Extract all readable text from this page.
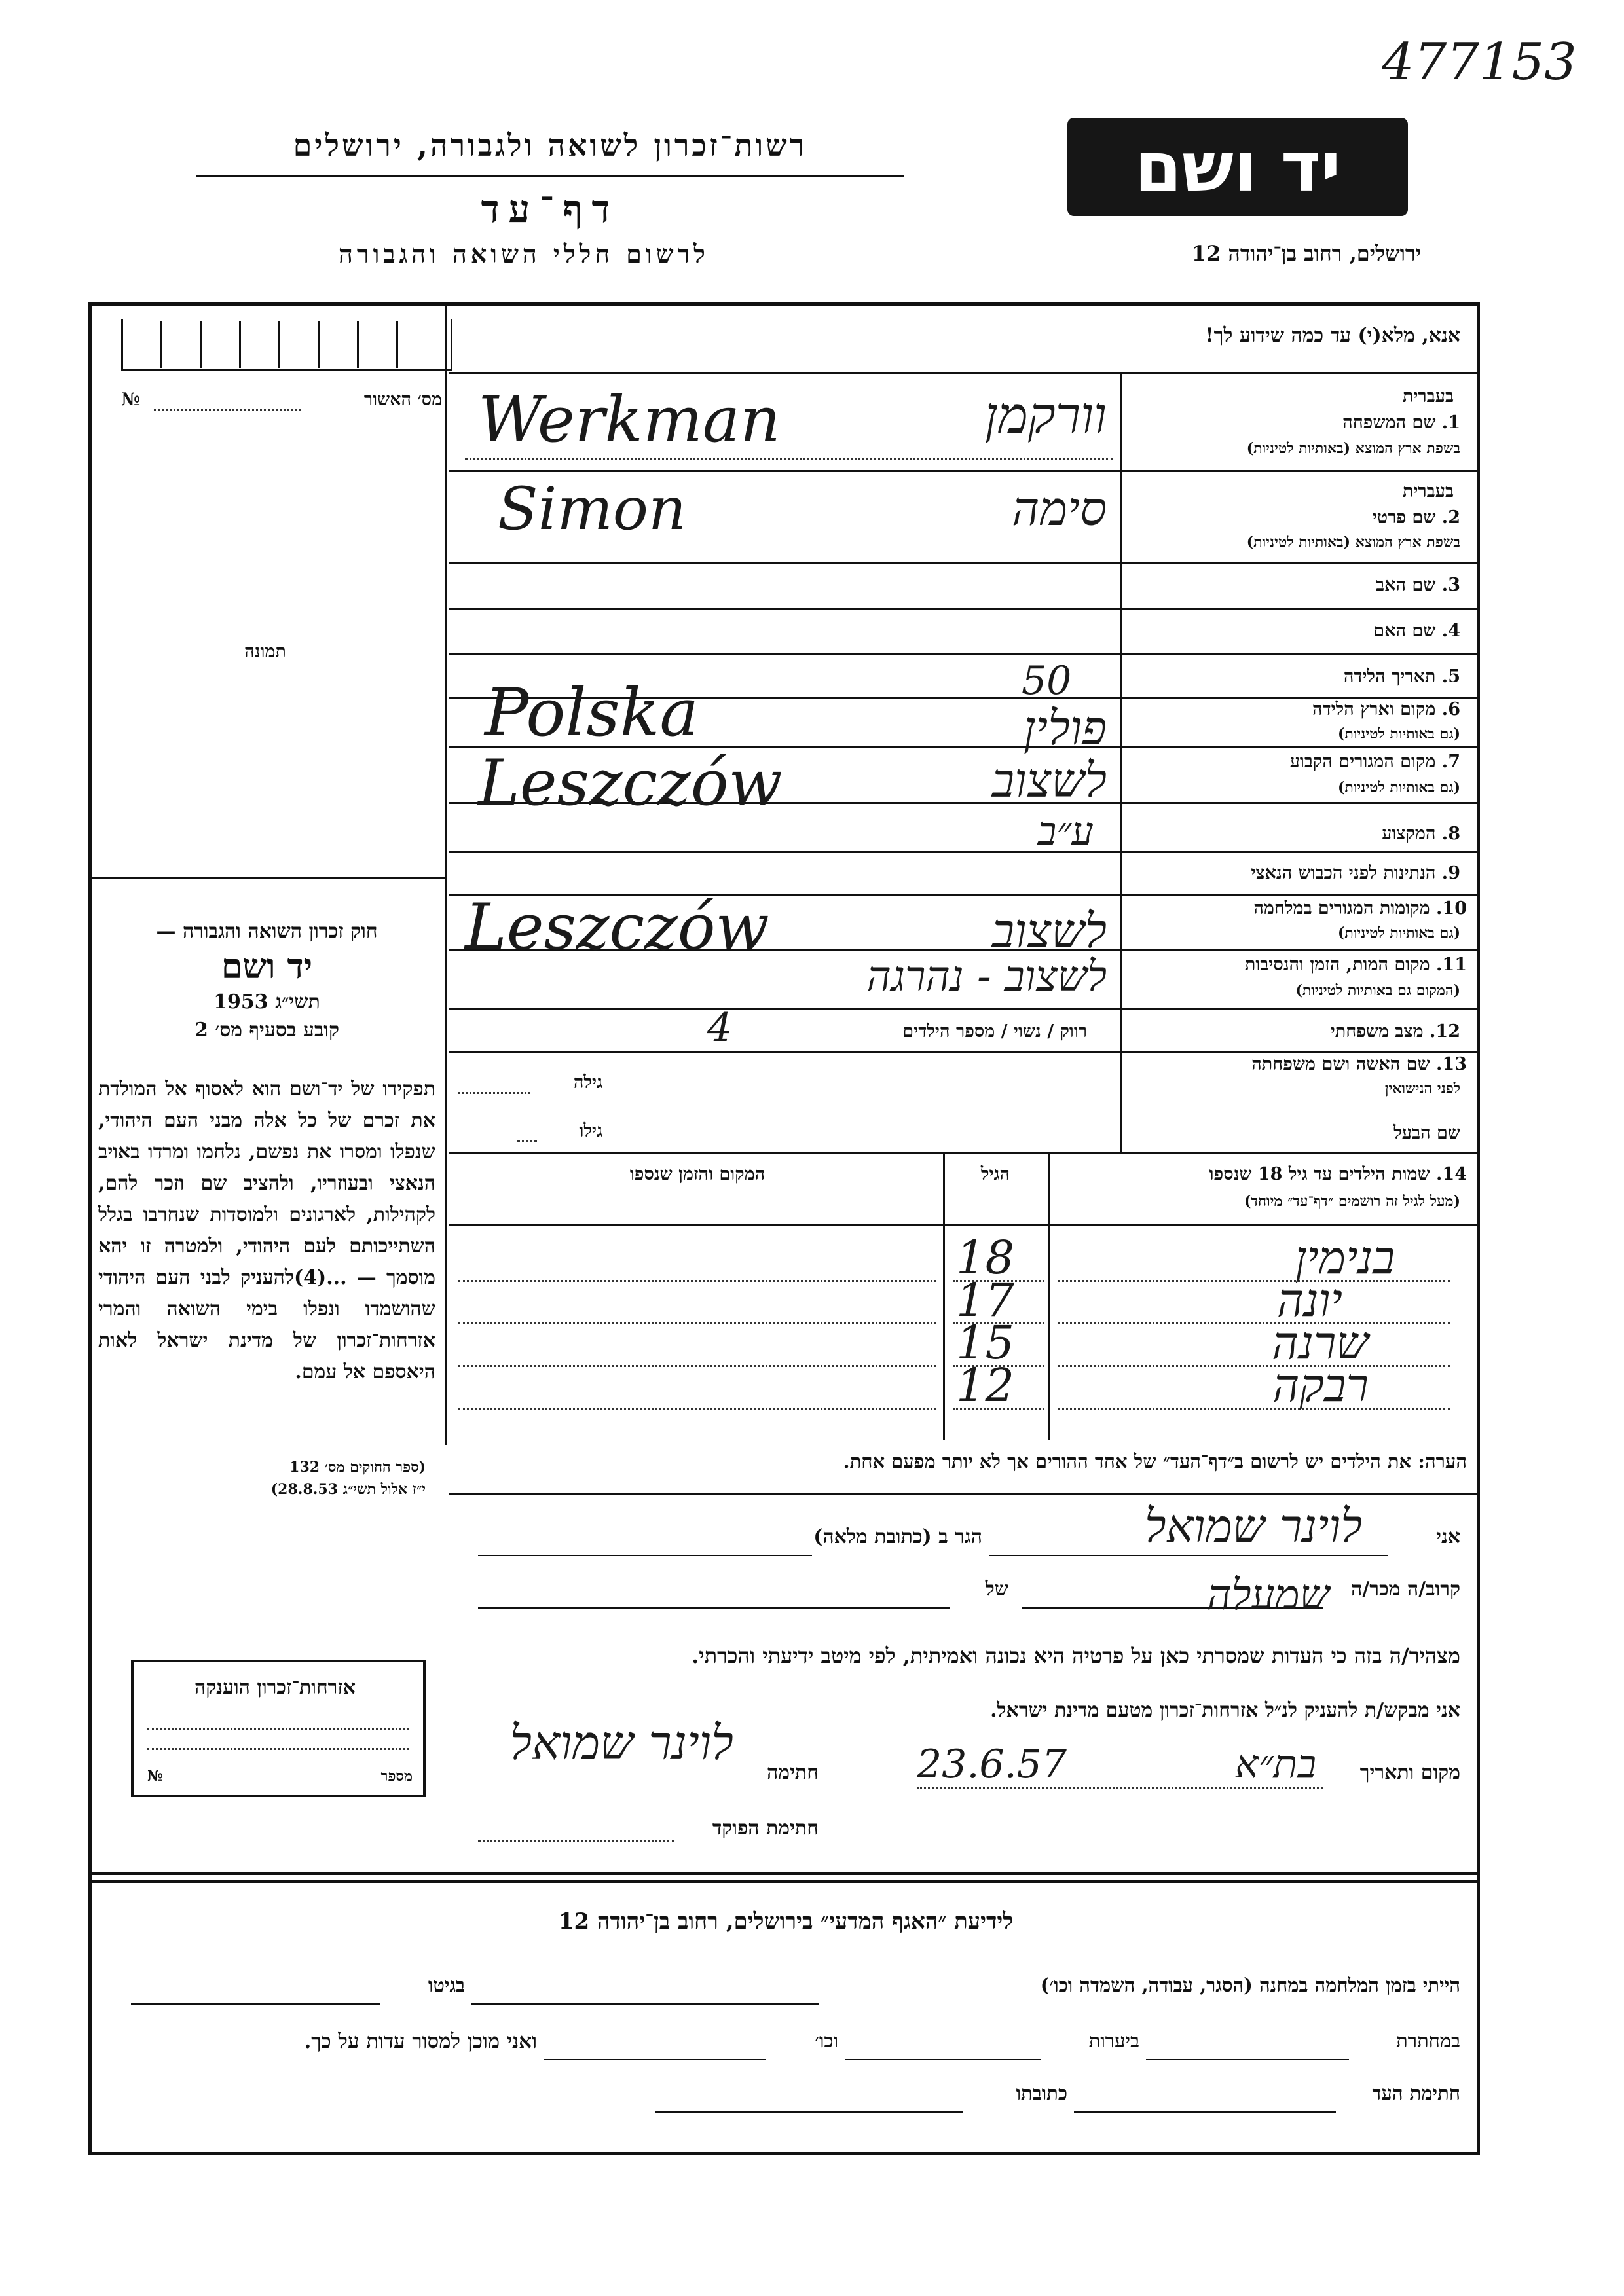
477153
רשות־זכרון לשואה ולגבורה, ירושלים
דף־עד
לרשום חללי השואה והגבורה
יד ושם
ירושלים, רחוב בן־יהודה 12
מס׳ האשור
№
תמונה
חוק זכרון השואה והגבורה —
יד ושם
תשי״ג 1953
קובע בסעיף מס׳ 2
תפקידו של יד־ושם הוא לאסוף אל המולדת את זכרם של כל אלה מבני העם היהודי, שנפלו ומסרו את נפשם, נלחמו ומרדו באויב הנאצי ובעוזריו, ולהציב שם וזכר להם, לקהילות, לארגונים ולמוסדות שנחרבו בגלל השתייכותם לעם היהודי, ולמטרה זו יהא מוסמך — ...(4)להעניק לבני העם היהודי שהושמדו ונפלו בימי השואה והמרי אזרחות־זכרון של מדינת ישראל לאות היאספם אל עמם.
(ספר החוקים מס׳ 132
י״ז אלול תשי״ג 28.8.53)
אזרחות־זכרון הוענקה
מספר
№
אנא, מלא(י) עד כמה שידוע לך!
בעברית
1. שם המשפחה
בשפת ארץ המוצא (באותיות לטיניות)
Werkman	וורקמן
בעברית
2. שם פרטי
בשפת ארץ המוצא (באותיות לטיניות)
Simon	סימה
3. שם האב
4. שם האם
5. תאריך הלידה
50
6. מקום וארץ הלידה
(גם באותיות לטיניות)
Polska	פולין
7. מקום המגורים הקבוע
(גם באותיות לטיניות)
Leszczów	לשצוב
8. המקצוע
ע״ב
9. הנתינות לפני הכבוש הנאצי
10. מקומות המגורים במלחמה
(גם באותיות לטיניות)
Leszczów	לשצוב
11. מקום המות, הזמן והנסיבות
(המקום גם באותיות לטיניות)
לשצוב - נהרגה
12. מצב משפחתי
רווק / נשוי / מספר הילדים
4
13. שם האשה ושם משפחתה
לפני הנישואין
גילה
שם הבעל
גילו
14. שמות הילדים עד גיל 18 שנספו
(מעל לגיל זה רושמים ״דף־עד״ מיוחד)
הגיל
המקום והזמן שנספו
בנימין
18
יונה
17
שרנה
15
רבקה
12
הערה: את הילדים יש לרשום ב״דף־העד״ של אחד ההורים אך לא יותר מפעם אחת.
אני
לוינר שמואל
הגר ב (כתובת מלאה)
קרוב/ה מכר/ה
שמעלה
של
מצהיר/ה בזה כי העדות שמסרתי כאן על פרטיה היא נכונה ואמיתית, לפי מיטב ידיעתי והכרתי.
אני מבקש/ת להעניק לנ״ל אזרחות־זכרון מטעם מדינת ישראל.
מקום ותאריך
בת״א
23.6.57
חתימה
לוינר שמואל
חתימת הפוקד
לידיעת ״האגף המדעי״ בירושלים, רחוב בן־יהודה 12
הייתי בזמן המלחמה במחנה (הסגר, עבודה, השמדה וכו׳)
בגיטו
במחתרת
ביערות
וכו׳
ואני מוכן למסור עדות על כך.
חתימת העד
כתובתו
